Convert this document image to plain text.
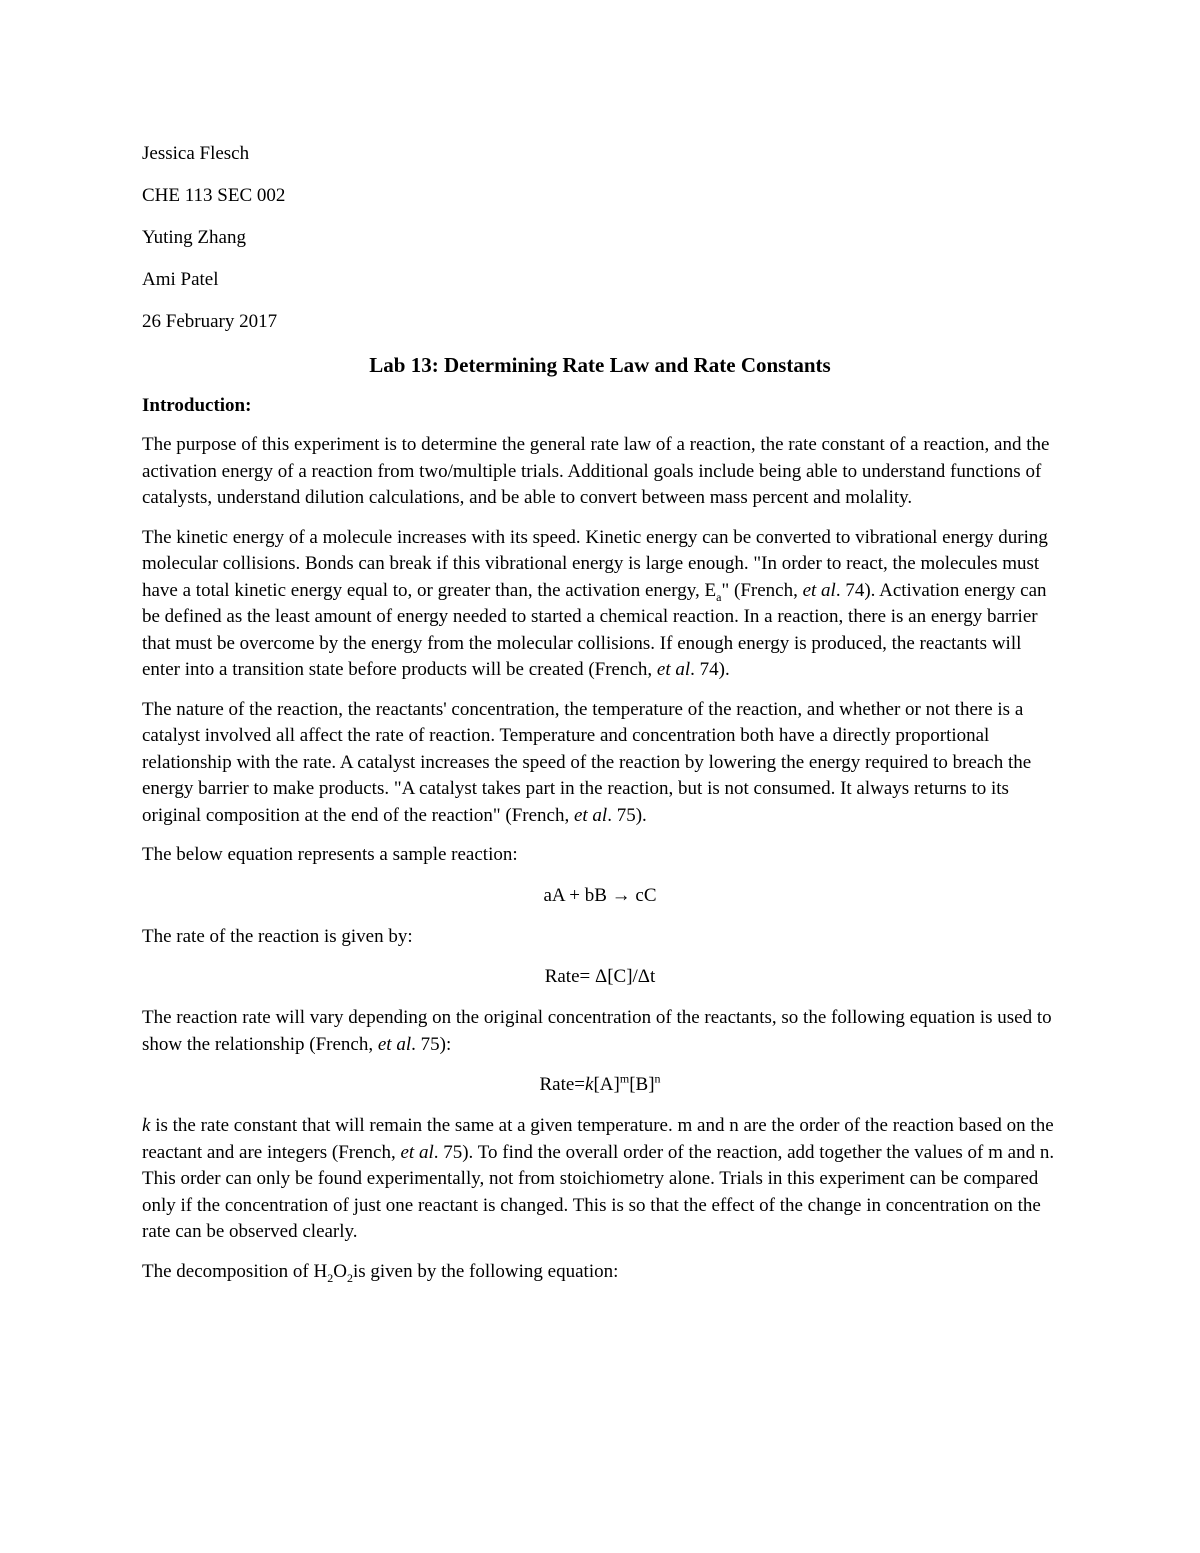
Jessica Flesch
CHE 113 SEC 002
Yuting Zhang
Ami Patel
26 February 2017
Lab 13: Determining Rate Law and Rate Constants
Introduction:

The purpose of this experiment is to determine the general rate law of a reaction, the rate constant of a reaction, and the activation energy of a reaction from two/multiple trials. Additional goals include being able to understand functions of catalysts, understand dilution calculations, and be able to convert between mass percent and molality.

The kinetic energy of a molecule increases with its speed. Kinetic energy can be converted to vibrational energy during molecular collisions. Bonds can break if this vibrational energy is large enough. "In order to react, the molecules must have a total kinetic energy equal to, or greater than, the activation energy, $E_a$" (French, et al. 74). Activation energy can be defined as the least amount of energy needed to started a chemical reaction. In a reaction, there is an energy barrier that must be overcome by the energy from the molecular collisions. If enough energy is produced, the reactants will enter into a transition state before products will be created (French, et al. 74).

The nature of the reaction, the reactants' concentration, the temperature of the reaction, and whether or not there is a catalyst involved all affect the rate of reaction. Temperature and concentration both have a directly proportional relationship with the rate. A catalyst increases the speed of the reaction by lowering the energy required to breach the energy barrier to make products. "A catalyst takes part in the reaction, but is not consumed. It always returns to its original composition at the end of the reaction" (French, et al. 75).

The below equation represents a sample reaction:

aA + bB → cC

The rate of the reaction is given by:

Rate= Δ[C]/Δt

The reaction rate will vary depending on the original concentration of the reactants, so the following equation is used to show the relationship (French, et al. 75):

$Rate=k[A]^m[B]^n$

k is the rate constant that will remain the same at a given temperature. m and n are the order of the reaction based on the reactant and are integers (French, et al. 75). To find the overall order of the reaction, add together the values of m and n. This order can only be found experimentally, not from stoichiometry alone. Trials in this experiment can be compared only if the concentration of just one reactant is changed. This is so that the effect of the change in concentration on the rate can be observed clearly.

The decomposition of $H_2O_2is$ given by the following equation:
